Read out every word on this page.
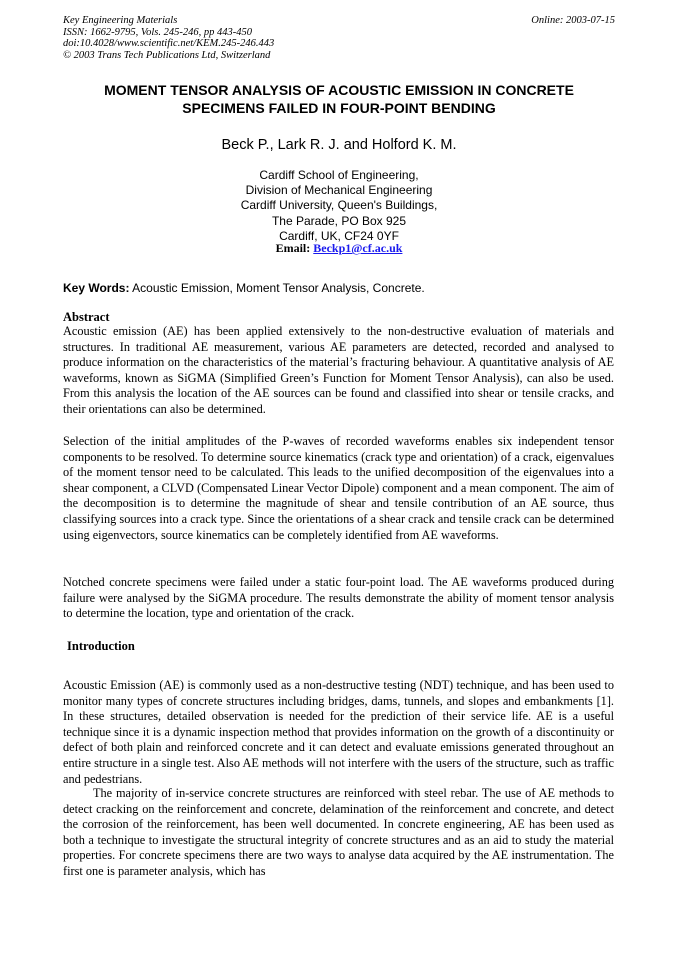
Key Engineering Materials
ISSN: 1662-9795, Vols. 245-246, pp 443-450
doi:10.4028/www.scientific.net/KEM.245-246.443
© 2003 Trans Tech Publications Ltd, Switzerland
Online: 2003-07-15
MOMENT TENSOR ANALYSIS OF ACOUSTIC EMISSION IN CONCRETE
SPECIMENS FAILED IN FOUR-POINT BENDING
Beck P., Lark R. J. and Holford K. M.
Cardiff School of Engineering,
Division of Mechanical Engineering
Cardiff University, Queen's Buildings,
The Parade, PO Box 925
Cardiff, UK, CF24 0YF
Email: Beckp1@cf.ac.uk
Key Words: Acoustic Emission, Moment Tensor Analysis, Concrete.
Abstract

Acoustic emission (AE) has been applied extensively to the non-destructive evaluation of materials and structures. In traditional AE measurement, various AE parameters are detected, recorded and analysed to produce information on the characteristics of the material’s fracturing behaviour. A quantitative analysis of AE waveforms, known as SiGMA (Simplified Green’s Function for Moment Tensor Analysis), can also be used. From this analysis the location of the AE sources can be found and classified into shear or tensile cracks, and their orientations can also be determined.

Selection of the initial amplitudes of the P-waves of recorded waveforms enables six independent tensor components to be resolved. To determine source kinematics (crack type and orientation) of a crack, eigenvalues of the moment tensor need to be calculated. This leads to the unified decomposition of the eigenvalues into a shear component, a CLVD (Compensated Linear Vector Dipole) component and a mean component. The aim of the decomposition is to determine the magnitude of shear and tensile contribution of an AE source, thus classifying sources into a crack type. Since the orientations of a shear crack and tensile crack can be determined using eigenvectors, source kinematics can be completely identified from AE waveforms.

Notched concrete specimens were failed under a static four-point load. The AE waveforms produced during failure were analysed by the SiGMA procedure. The results demonstrate the ability of moment tensor analysis to determine the location, type and orientation of the crack.

Introduction

Acoustic Emission (AE) is commonly used as a non-destructive testing (NDT) technique, and has been used to monitor many types of concrete structures including bridges, dams, tunnels, and slopes and embankments [1]. In these structures, detailed observation is needed for the prediction of their service life. AE is a useful technique since it is a dynamic inspection method that provides information on the growth of a discontinuity or defect of both plain and reinforced concrete and it can detect and evaluate emissions generated throughout an entire structure in a single test. Also AE methods will not interfere with the users of the structure, such as traffic and pedestrians.

The majority of in-service concrete structures are reinforced with steel rebar. The use of AE methods to detect cracking on the reinforcement and concrete, delamination of the reinforcement and concrete, and detect the corrosion of the reinforcement, has been well documented. In concrete engineering, AE has been used as both a technique to investigate the structural integrity of concrete structures and as an aid to study the material properties. For concrete specimens there are two ways to analyse data acquired by the AE instrumentation. The first one is parameter analysis, which has
